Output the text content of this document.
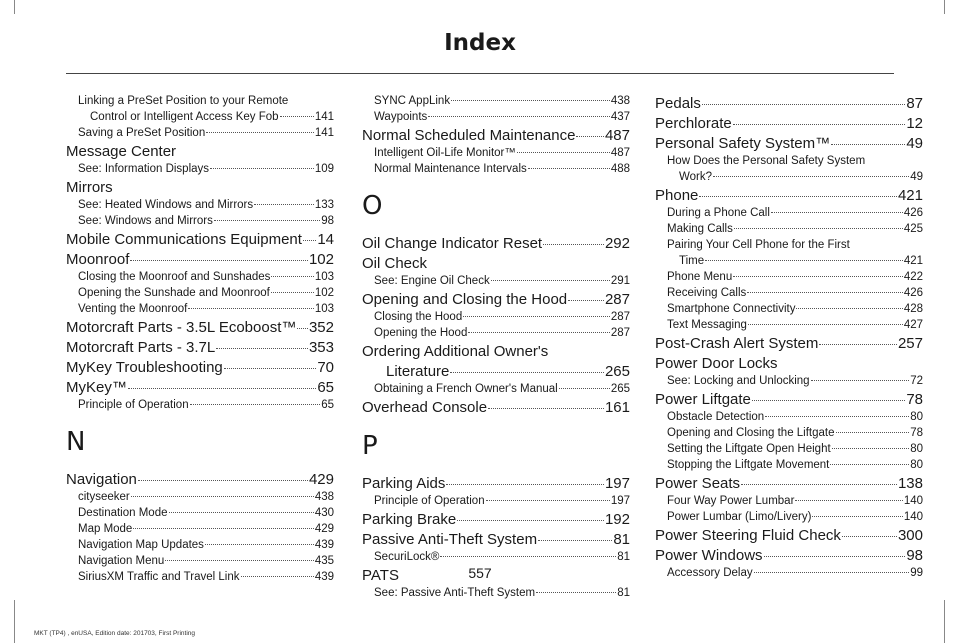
Index
Linking a PreSet Position to your Remote
Control or Intelligent Access Key Fob	141
Saving a PreSet Position	141
Message Center
See: Information Displays	109
Mirrors
See: Heated Windows and Mirrors	133
See: Windows and Mirrors	98
Mobile Communications Equipment 14
Moonroof	102
Closing the Moonroof and Sunshades	103
Opening the Sunshade and Moonroof	102
Venting the Moonroof	103
Motorcraft Parts - 3.5L Ecoboost™ 352
Motorcraft Parts - 3.7L	353
MyKey Troubleshooting	70
MyKey™	65
Principle of Operation	65
N
Navigation	429
cityseeker	438
Destination Mode	430
Map Mode	429
Navigation Map Updates	439
Navigation Menu	435
SiriusXM Traffic and Travel Link	439
SYNC AppLink	438
Waypoints	437
Normal Scheduled Maintenance 487
Intelligent Oil-Life Monitor™	487
Normal Maintenance Intervals	488
O
Oil Change Indicator Reset	292
Oil Check
See: Engine Oil Check	291
Opening and Closing the Hood	287
Closing the Hood	287
Opening the Hood	287
Ordering Additional Owner's
Literature	265
Obtaining a French Owner's Manual	265
Overhead Console	161
P
Parking Aids	197
Principle of Operation	197
Parking Brake	192
Passive Anti-Theft System	81
SecuriLock®	81
PATS
See: Passive Anti-Theft System	81
Pedals	87
Perchlorate	12
Personal Safety System™	49
How Does the Personal Safety System
Work?	49
Phone	421
During a Phone Call	426
Making Calls	425
Pairing Your Cell Phone for the First
Time	421
Phone Menu	422
Receiving Calls	426
Smartphone Connectivity	428
Text Messaging	427
Post-Crash Alert System	257
Power Door Locks
See: Locking and Unlocking	72
Power Liftgate	78
Obstacle Detection	80
Opening and Closing the Liftgate	78
Setting the Liftgate Open Height	80
Stopping the Liftgate Movement	80
Power Seats	138
Four Way Power Lumbar	140
Power Lumbar (Limo/Livery)	140
Power Steering Fluid Check	300
Power Windows	98
Accessory Delay	99
557
MKT (TP4) , enUSA, Edition date: 201703, First Printing
